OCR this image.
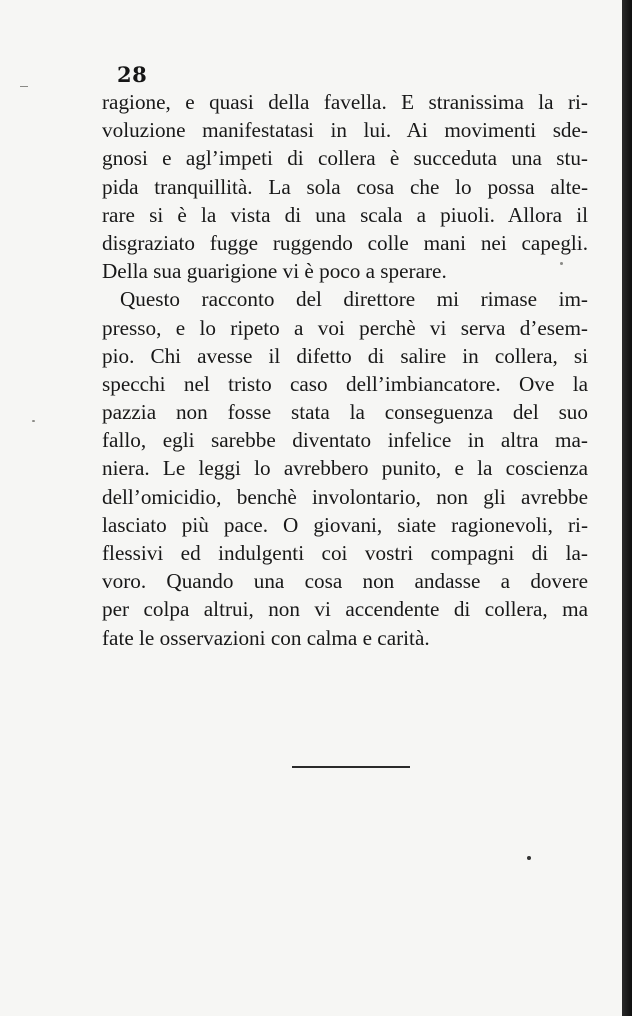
28
ragione, e quasi della favella. E stranissima la ri-
voluzione manifestatasi in lui. Ai movimenti sde-
gnosi e agl’impeti di collera è succeduta una stu-
pida tranquillità. La sola cosa che lo possa alte-
rare si è la vista di una scala a piuoli. Allora il
disgraziato fugge ruggendo colle mani nei capegli.
Della sua guarigione vi è poco a sperare.
Questo racconto del direttore mi rimase im-
presso, e lo ripeto a voi perchè vi serva d’esem-
pio. Chi avesse il difetto di salire in collera, si
specchi nel tristo caso dell’imbiancatore. Ove la
pazzia non fosse stata la conseguenza del suo
fallo, egli sarebbe diventato infelice in altra ma-
niera. Le leggi lo avrebbero punito, e la coscienza
dell’omicidio, benchè involontario, non gli avrebbe
lasciato più pace. O giovani, siate ragionevoli, ri-
flessivi ed indulgenti coi vostri compagni di la-
voro. Quando una cosa non andasse a dovere
per colpa altrui, non vi accendente di collera, ma
fate le osservazioni con calma e carità.
